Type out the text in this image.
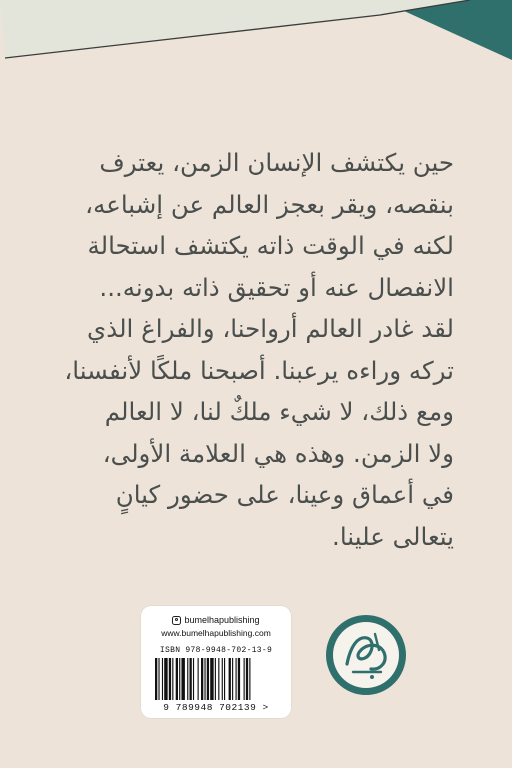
حين يكتشف الإنسان الزمن، يعترف
بنقصه، ويقر بعجز العالم عن إشباعه،
لكنه في الوقت ذاته يكتشف استحالة
الانفصال عنه أو تحقيق ذاته بدونه...
لقد غادر العالم أرواحنا، والفراغ الذي
تركه وراءه يرعبنا. أصبحنا ملكًا لأنفسنا،
ومع ذلك، لا شيء ملكٌ لنا، لا العالم
ولا الزمن. وهذه هي العلامة الأولى،
في أعماق وعينا، على حضور كيانٍ
يتعالى علينا.
bumelhapublishing
www.bumelhapublishing.com
ISBN 978-9948-702-13-9
9 789948 702139 >
